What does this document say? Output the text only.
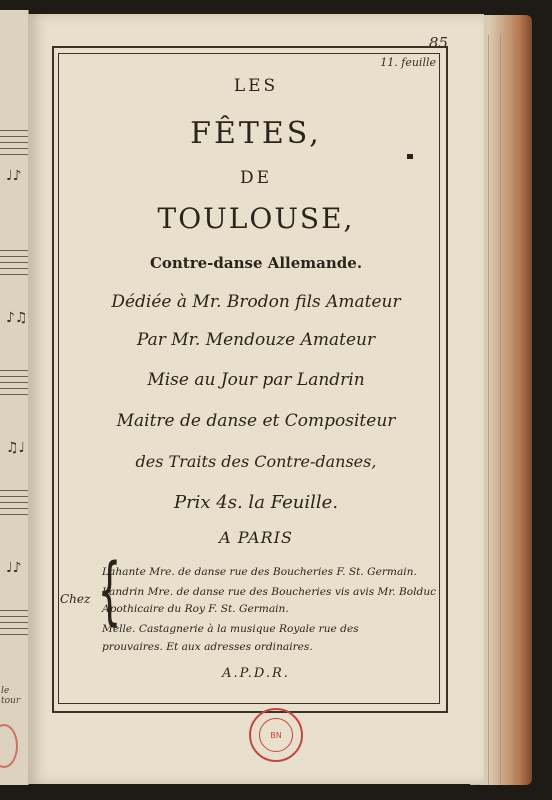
♩♪
♪♫
♫♩
♩♪
le tour
85
11. feuille
LES
FÊTES,
DE
TOULOUSE,
Contre-danse Allemande.
Dédiée à Mr. Brodon fils Amateur
Par Mr. Mendouze Amateur
Mise au Jour par Landrin
Maitre de danse et Compositeur
des Traits des Contre-danses,
Prix 4s. la Feuille.
A PARIS
Chez {
Lahante Mre. de danse rue des Boucheries F. St. Germain.
Landrin Mre. de danse rue des Boucheries vis avis Mr. Bolduc
Apothicaire du Roy F. St. Germain.
Melle. Castagnerie à la musique Royale rue des
prouvaires. Et aux adresses ordinaires.
A.P.D.R.
BN
